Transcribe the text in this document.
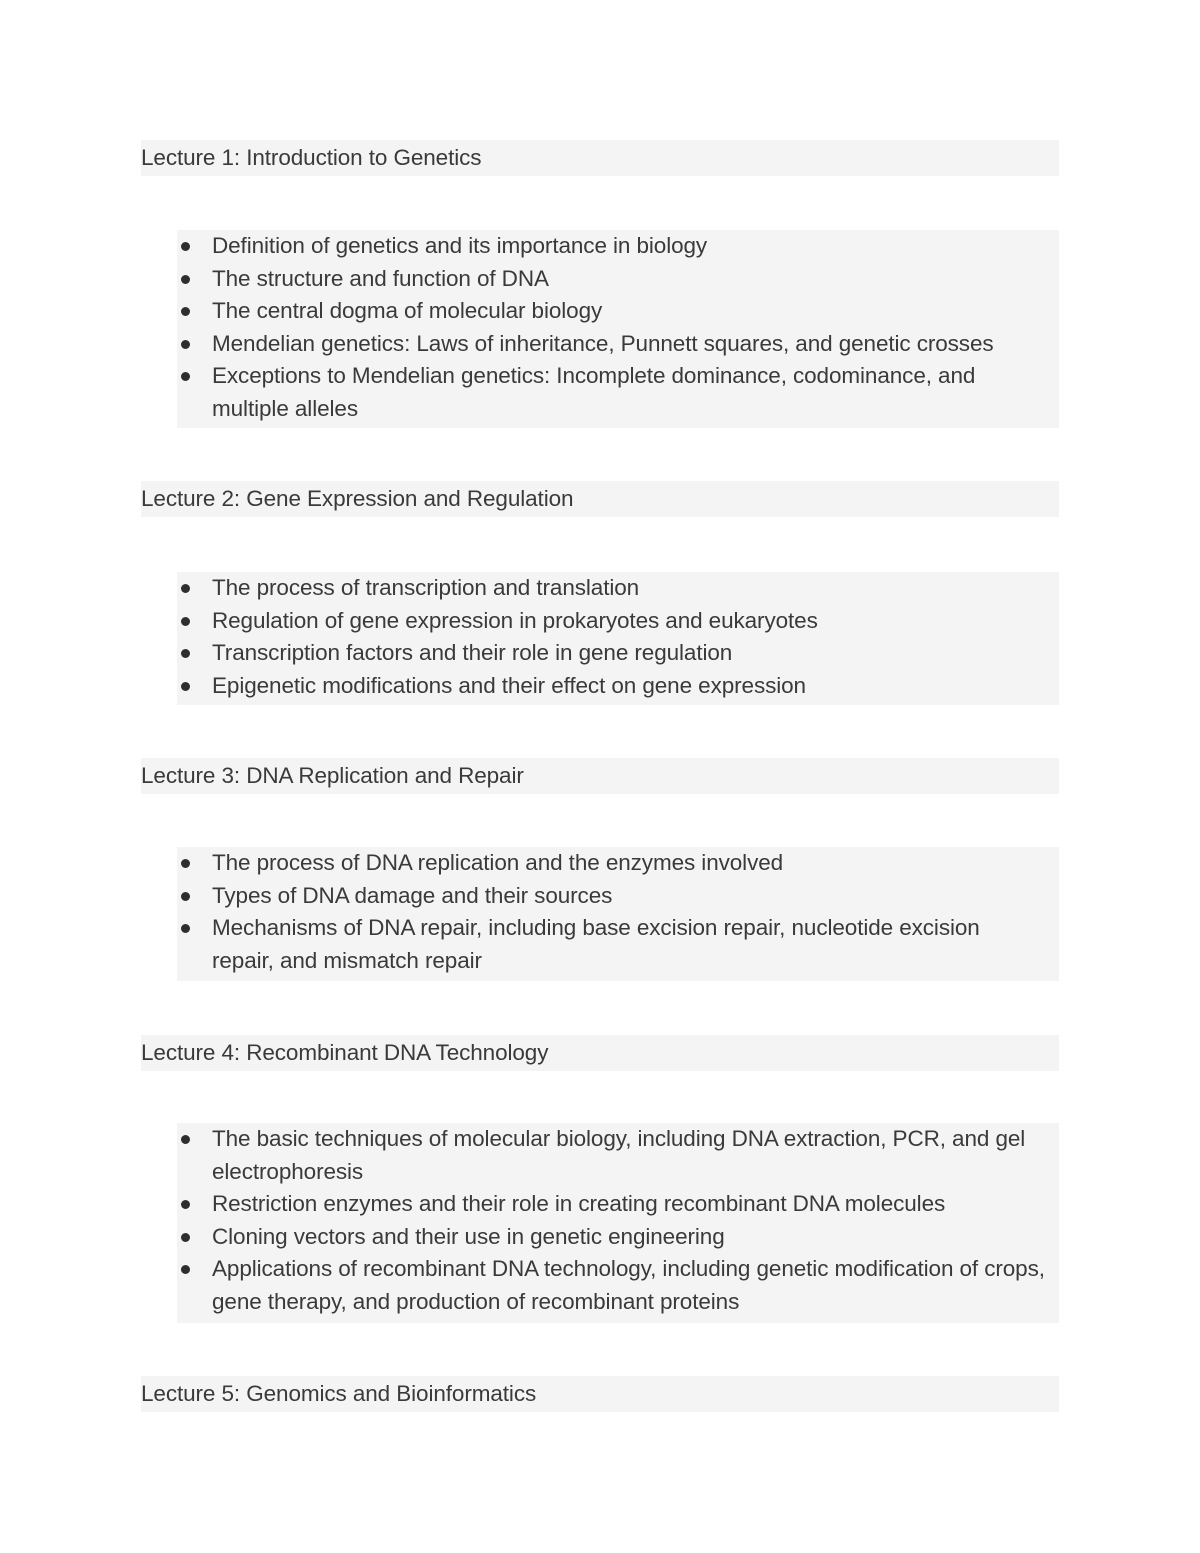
Lecture 1: Introduction to Genetics
Definition of genetics and its importance in biology
The structure and function of DNA
The central dogma of molecular biology
Mendelian genetics: Laws of inheritance, Punnett squares, and genetic crosses
Exceptions to Mendelian genetics: Incomplete dominance, codominance, and multiple alleles
Lecture 2: Gene Expression and Regulation
The process of transcription and translation
Regulation of gene expression in prokaryotes and eukaryotes
Transcription factors and their role in gene regulation
Epigenetic modifications and their effect on gene expression
Lecture 3: DNA Replication and Repair
The process of DNA replication and the enzymes involved
Types of DNA damage and their sources
Mechanisms of DNA repair, including base excision repair, nucleotide excision repair, and mismatch repair
Lecture 4: Recombinant DNA Technology
The basic techniques of molecular biology, including DNA extraction, PCR, and gel electrophoresis
Restriction enzymes and their role in creating recombinant DNA molecules
Cloning vectors and their use in genetic engineering
Applications of recombinant DNA technology, including genetic modification of crops, gene therapy, and production of recombinant proteins
Lecture 5: Genomics and Bioinformatics
